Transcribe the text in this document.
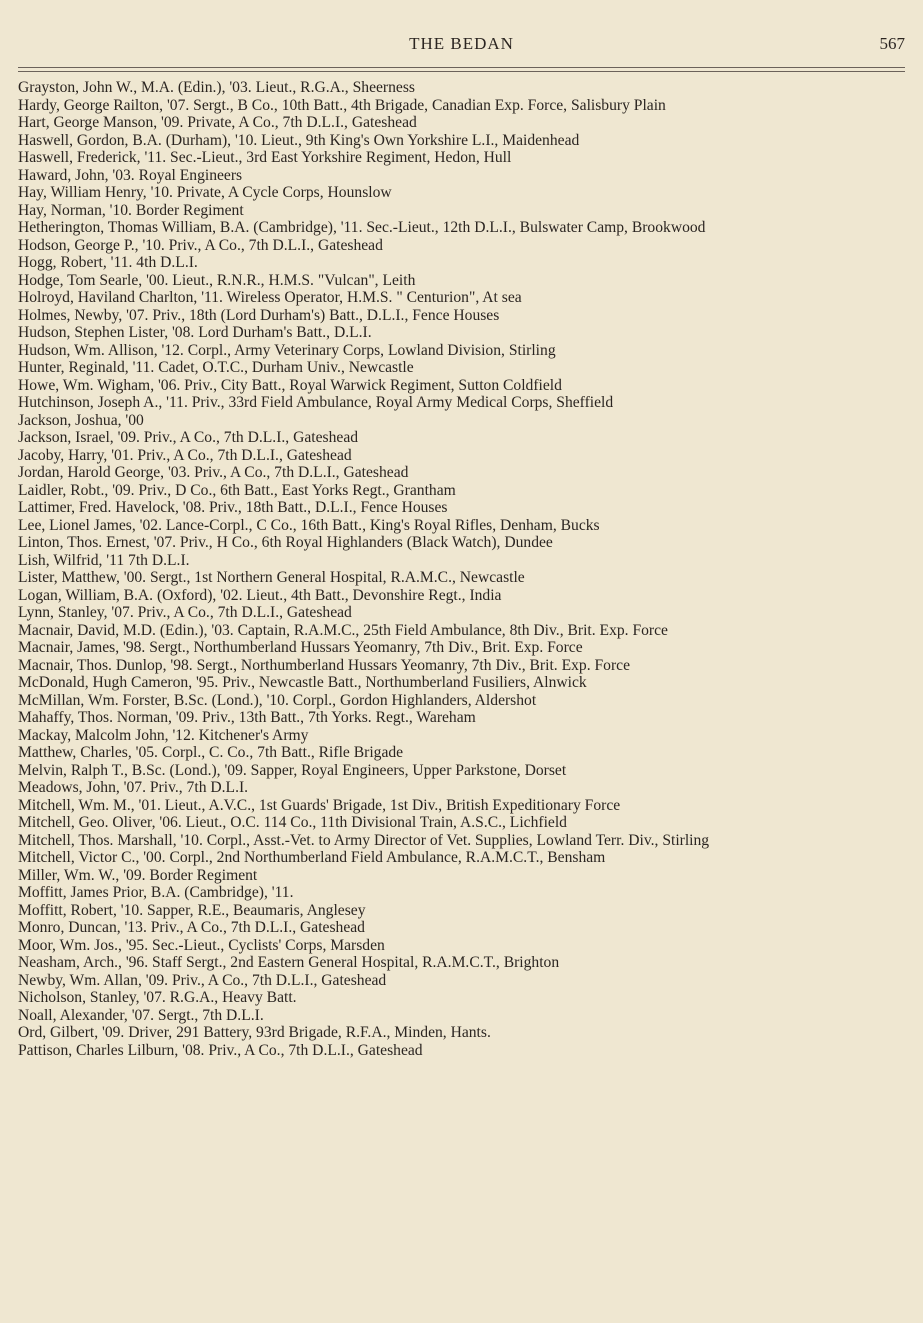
THE BEDAN	567
Grayston, John W., M.A. (Edin.), '03. Lieut., R.G.A., Sheerness
Hardy, George Railton, '07. Sergt., B Co., 10th Batt., 4th Brigade, Canadian Exp. Force, Salisbury Plain
Hart, George Manson, '09. Private, A Co., 7th D.L.I., Gateshead
Haswell, Gordon, B.A. (Durham), '10. Lieut., 9th King's Own Yorkshire L.I., Maidenhead
Haswell, Frederick, '11. Sec.-Lieut., 3rd East Yorkshire Regiment, Hedon, Hull
Haward, John, '03. Royal Engineers
Hay, William Henry, '10. Private, A Cycle Corps, Hounslow
Hay, Norman, '10. Border Regiment
Hetherington, Thomas William, B.A. (Cambridge), '11. Sec.-Lieut., 12th D.L.I., Bulswater Camp, Brookwood
Hodson, George P., '10. Priv., A Co., 7th D.L.I., Gateshead
Hogg, Robert, '11. 4th D.L.I.
Hodge, Tom Searle, '00. Lieut., R.N.R., H.M.S. "Vulcan", Leith
Holroyd, Haviland Charlton, '11. Wireless Operator, H.M.S. " Centurion", At sea
Holmes, Newby, '07. Priv., 18th (Lord Durham's) Batt., D.L.I., Fence Houses
Hudson, Stephen Lister, '08. Lord Durham's Batt., D.L.I.
Hudson, Wm. Allison, '12. Corpl., Army Veterinary Corps, Lowland Division, Stirling
Hunter, Reginald, '11. Cadet, O.T.C., Durham Univ., Newcastle
Howe, Wm. Wigham, '06. Priv., City Batt., Royal Warwick Regiment, Sutton Coldfield
Hutchinson, Joseph A., '11. Priv., 33rd Field Ambulance, Royal Army Medical Corps, Sheffield
Jackson, Joshua, '00
Jackson, Israel, '09. Priv., A Co., 7th D.L.I., Gateshead
Jacoby, Harry, '01. Priv., A Co., 7th D.L.I., Gateshead
Jordan, Harold George, '03. Priv., A Co., 7th D.L.I., Gateshead
Laidler, Robt., '09. Priv., D Co., 6th Batt., East Yorks Regt., Grantham
Lattimer, Fred. Havelock, '08. Priv., 18th Batt., D.L.I., Fence Houses
Lee, Lionel James, '02. Lance-Corpl., C Co., 16th Batt., King's Royal Rifles, Denham, Bucks
Linton, Thos. Ernest, '07. Priv., H Co., 6th Royal Highlanders (Black Watch), Dundee
Lish, Wilfrid, '11 7th D.L.I.
Lister, Matthew, '00. Sergt., 1st Northern General Hospital, R.A.M.C., Newcastle
Logan, William, B.A. (Oxford), '02. Lieut., 4th Batt., Devonshire Regt., India
Lynn, Stanley, '07. Priv., A Co., 7th D.L.I., Gateshead
Macnair, David, M.D. (Edin.), '03. Captain, R.A.M.C., 25th Field Ambulance, 8th Div., Brit. Exp. Force
Macnair, James, '98. Sergt., Northumberland Hussars Yeomanry, 7th Div., Brit. Exp. Force
Macnair, Thos. Dunlop, '98. Sergt., Northumberland Hussars Yeomanry, 7th Div., Brit. Exp. Force
McDonald, Hugh Cameron, '95. Priv., Newcastle Batt., Northumberland Fusiliers, Alnwick
McMillan, Wm. Forster, B.Sc. (Lond.), '10. Corpl., Gordon Highlanders, Aldershot
Mahaffy, Thos. Norman, '09. Priv., 13th Batt., 7th Yorks. Regt., Wareham
Mackay, Malcolm John, '12. Kitchener's Army
Matthew, Charles, '05. Corpl., C. Co., 7th Batt., Rifle Brigade
Melvin, Ralph T., B.Sc. (Lond.), '09. Sapper, Royal Engineers, Upper Parkstone, Dorset
Meadows, John, '07. Priv., 7th D.L.I.
Mitchell, Wm. M., '01. Lieut., A.V.C., 1st Guards' Brigade, 1st Div., British Expeditionary Force
Mitchell, Geo. Oliver, '06. Lieut., O.C. 114 Co., 11th Divisional Train, A.S.C., Lichfield
Mitchell, Thos. Marshall, '10. Corpl., Asst.-Vet. to Army Director of Vet. Supplies, Lowland Terr. Div., Stirling
Mitchell, Victor C., '00. Corpl., 2nd Northumberland Field Ambulance, R.A.M.C.T., Bensham
Miller, Wm. W., '09. Border Regiment
Moffitt, James Prior, B.A. (Cambridge), '11.
Moffitt, Robert, '10. Sapper, R.E., Beaumaris, Anglesey
Monro, Duncan, '13. Priv., A Co., 7th D.L.I., Gateshead
Moor, Wm. Jos., '95. Sec.-Lieut., Cyclists' Corps, Marsden
Neasham, Arch., '96. Staff Sergt., 2nd Eastern General Hospital, R.A.M.C.T., Brighton
Newby, Wm. Allan, '09. Priv., A Co., 7th D.L.I., Gateshead
Nicholson, Stanley, '07. R.G.A., Heavy Batt.
Noall, Alexander, '07. Sergt., 7th D.L.I.
Ord, Gilbert, '09. Driver, 291 Battery, 93rd Brigade, R.F.A., Minden, Hants.
Pattison, Charles Lilburn, '08. Priv., A Co., 7th D.L.I., Gateshead
